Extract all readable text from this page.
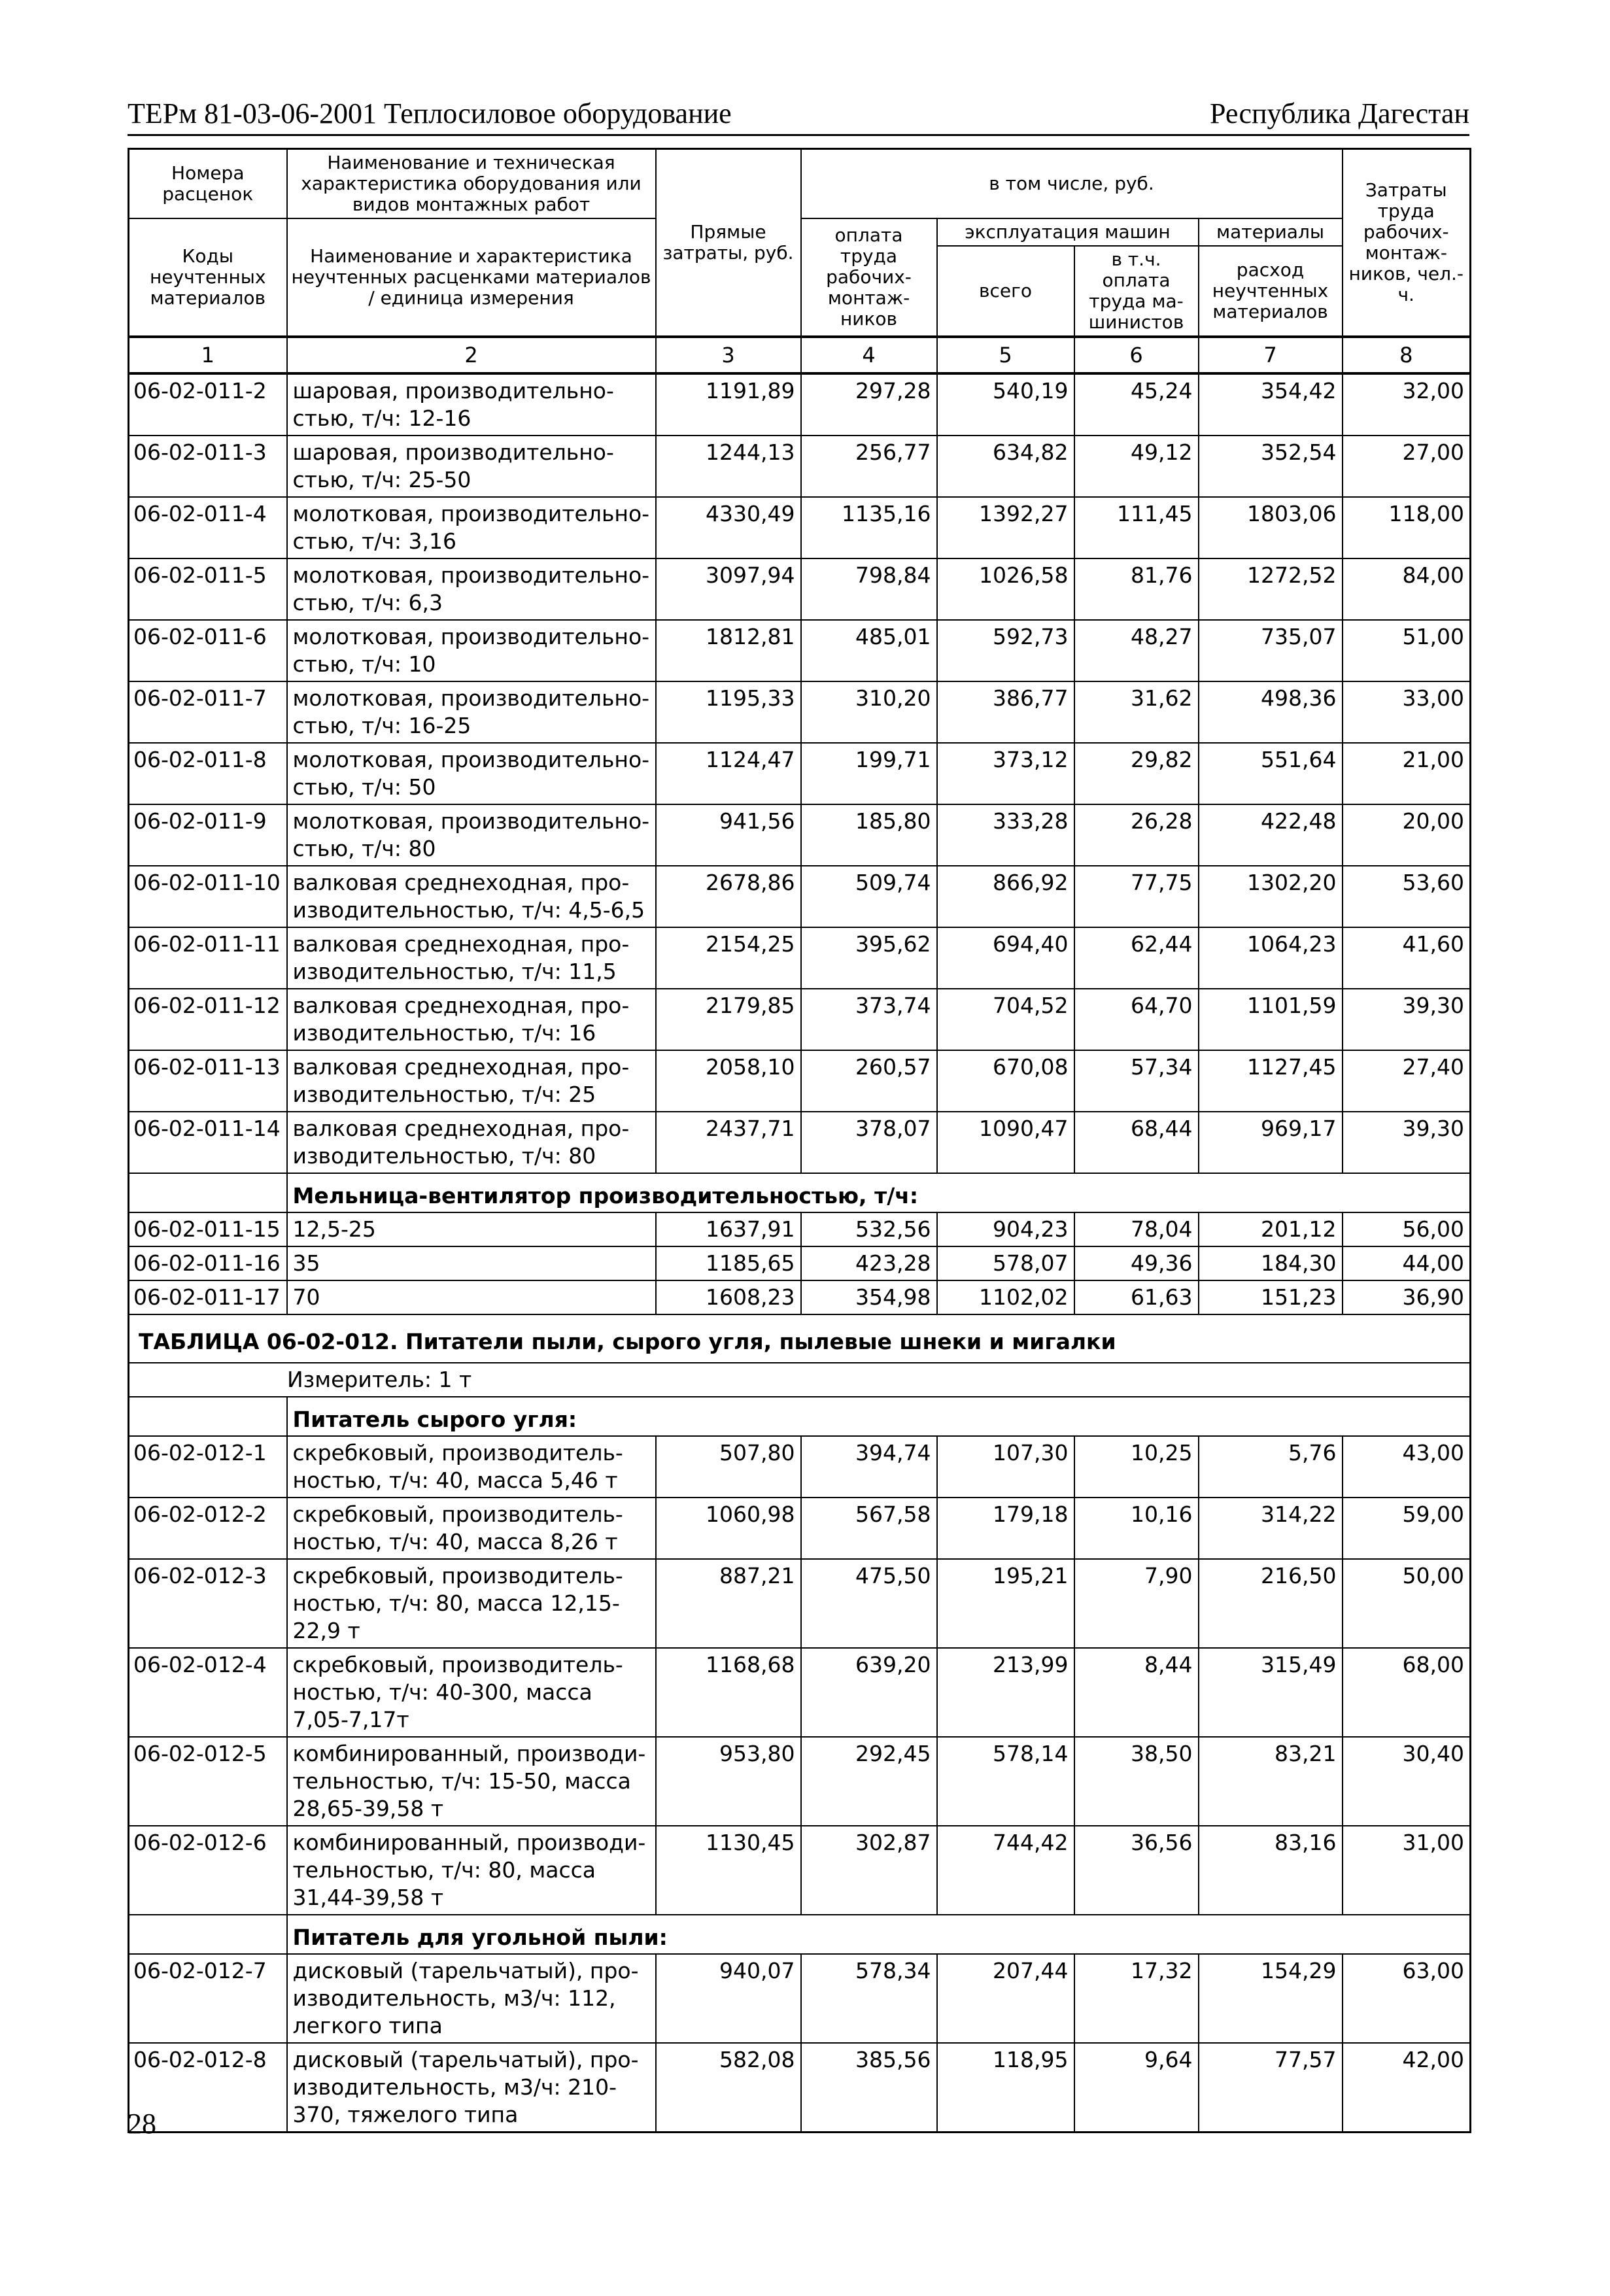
ТЕРм 81-03-06-2001 Теплосиловое оборудование	Республика Дагестан
Номера расценок	Наименование и техническая характеристика оборудования или видов монтажных работ	Прямые затраты, руб.	в том числе, руб.				Затраты труда рабочих-монтаж-ников, чел.-ч.
Коды неучтенных материалов	Наименование и характеристика неучтенных расценками материалов / единица измерения		оплата труда рабочих-монтаж-ников	эксплуатация машин		материалы	
				всего	в т.ч. оплата труда ма-шинистов	расход неучтенных материалов	

1	2	3	4	5	6	7	8
06-02-011-2	шаровая, производительно-стью, т/ч: 12-16	1191,89	297,28	540,19	45,24	354,42	32,00
06-02-011-3	шаровая, производительно-стью, т/ч: 25-50	1244,13	256,77	634,82	49,12	352,54	27,00
06-02-011-4	молотковая, производительно-стью, т/ч: 3,16	4330,49	1135,16	1392,27	111,45	1803,06	118,00
06-02-011-5	молотковая, производительно-стью, т/ч: 6,3	3097,94	798,84	1026,58	81,76	1272,52	84,00
06-02-011-6	молотковая, производительно-стью, т/ч: 10	1812,81	485,01	592,73	48,27	735,07	51,00
06-02-011-7	молотковая, производительно-стью, т/ч: 16-25	1195,33	310,20	386,77	31,62	498,36	33,00
06-02-011-8	молотковая, производительно-стью, т/ч: 50	1124,47	199,71	373,12	29,82	551,64	21,00
06-02-011-9	молотковая, производительно-стью, т/ч: 80	941,56	185,80	333,28	26,28	422,48	20,00
06-02-011-10	валковая среднеходная, про-изводительностью, т/ч: 4,5-6,5	2678,86	509,74	866,92	77,75	1302,20	53,60
06-02-011-11	валковая среднеходная, про-изводительностью, т/ч: 11,5	2154,25	395,62	694,40	62,44	1064,23	41,60
06-02-011-12	валковая среднеходная, про-изводительностью, т/ч: 16	2179,85	373,74	704,52	64,70	1101,59	39,30
06-02-011-13	валковая среднеходная, про-изводительностью, т/ч: 25	2058,10	260,57	670,08	57,34	1127,45	27,40
06-02-011-14	валковая среднеходная, про-изводительностью, т/ч: 80	2437,71	378,07	1090,47	68,44	969,17	39,30
	Мельница-вентилятор производительностью, т/ч:						
06-02-011-15	12,5-25	1637,91	532,56	904,23	78,04	201,12	56,00
06-02-011-16	35	1185,65	423,28	578,07	49,36	184,30	44,00
06-02-011-17	70	1608,23	354,98	1102,02	61,63	151,23	36,90
ТАБЛИЦА 06-02-012. Питатели пыли, сырого угля, пылевые шнеки и мигалки							
Измеритель: 1 т							
	Питатель сырого угля:						
06-02-012-1	скребковый, производитель-ностью, т/ч: 40, масса 5,46 т	507,80	394,74	107,30	10,25	5,76	43,00
06-02-012-2	скребковый, производитель-ностью, т/ч: 40, масса 8,26 т	1060,98	567,58	179,18	10,16	314,22	59,00
06-02-012-3	скребковый, производитель-ностью, т/ч: 80, масса 12,15-22,9 т	887,21	475,50	195,21	7,90	216,50	50,00
06-02-012-4	скребковый, производитель-ностью, т/ч: 40-300, масса 7,05-7,17т	1168,68	639,20	213,99	8,44	315,49	68,00
06-02-012-5	комбинированный, производи-тельностью, т/ч: 15-50, масса 28,65-39,58 т	953,80	292,45	578,14	38,50	83,21	30,40
06-02-012-6	комбинированный, производи-тельностью, т/ч: 80, масса 31,44-39,58 т	1130,45	302,87	744,42	36,56	83,16	31,00
	Питатель для угольной пыли:						
06-02-012-7	дисковый (тарельчатый), про-изводительность, м3/ч: 112, легкого типа	940,07	578,34	207,44	17,32	154,29	63,00
06-02-012-8	дисковый (тарельчатый), про-изводительность, м3/ч: 210-370, тяжелого типа	582,08	385,56	118,95	9,64	77,57	42,00
28
